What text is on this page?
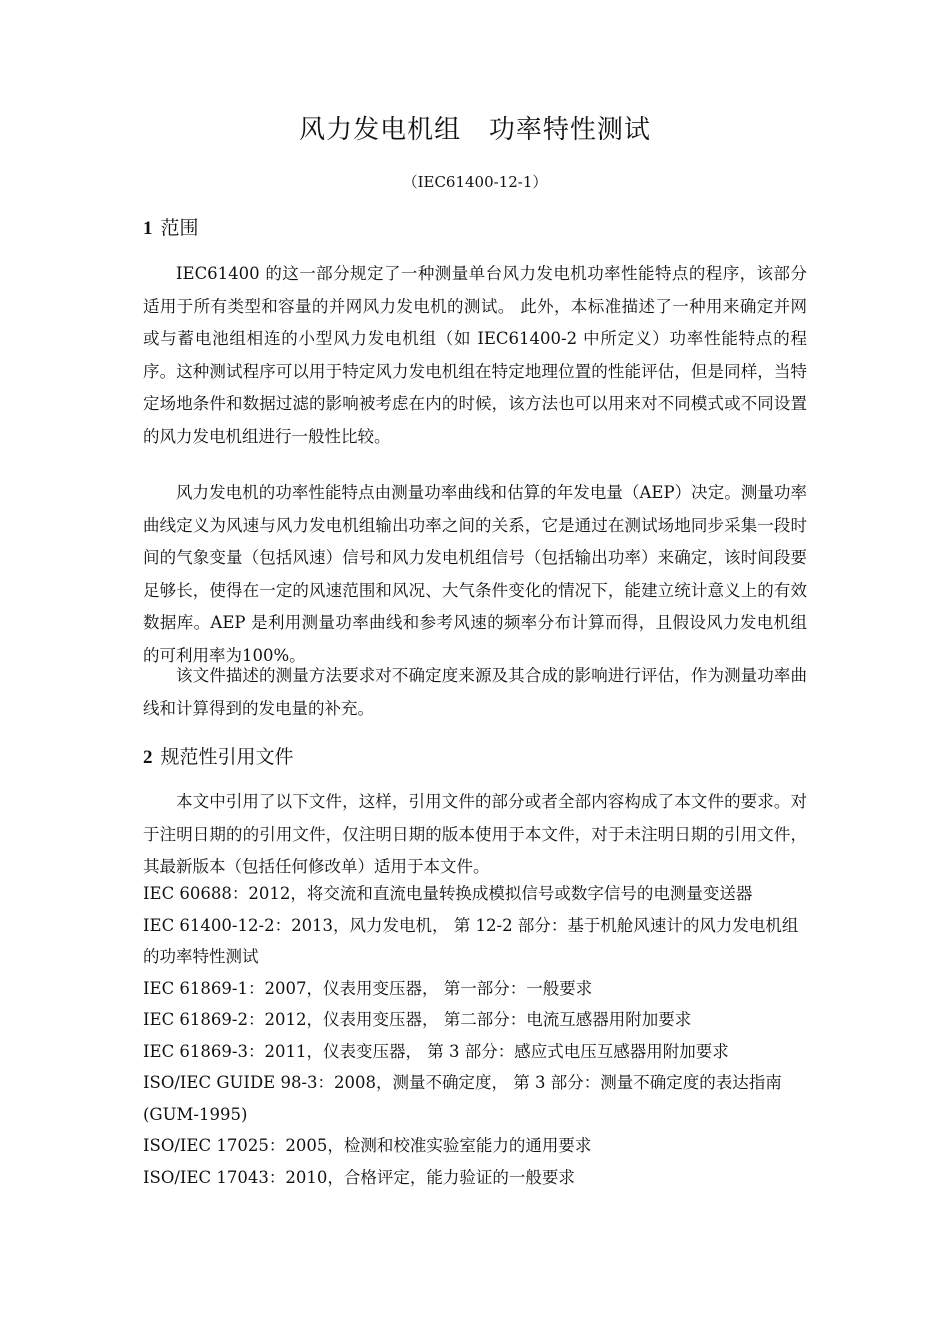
风力发电机组   功率特性测试
（IEC61400-12-1）
1 范围

IEC61400 的这一部分规定了一种测量单台风力发电机功率性能特点的程序，该部分适用于所有类型和容量的并网风力发电机的测试。 此外，本标准描述了一种用来确定并网或与蓄电池组相连的小型风力发电机组（如 IEC61400-2 中所定义）功率性能特点的程序。这种测试程序可以用于特定风力发电机组在特定地理位置的性能评估，但是同样，当特定场地条件和数据过滤的影响被考虑在内的时候，该方法也可以用来对不同模式或不同设置的风力发电机组进行一般性比较。

风力发电机的功率性能特点由测量功率曲线和估算的年发电量（AEP）决定。测量功率曲线定义为风速与风力发电机组输出功率之间的关系，它是通过在测试场地同步采集一段时间的气象变量（包括风速）信号和风力发电机组信号（包括输出功率）来确定，该时间段要足够长，使得在一定的风速范围和风况、大气条件变化的情况下，能建立统计意义上的有效数据库。AEP 是利用测量功率曲线和参考风速的频率分布计算而得，且假设风力发电机组的可利用率为100%。

该文件描述的测量方法要求对不确定度来源及其合成的影响进行评估，作为测量功率曲线和计算得到的发电量的补充。

2 规范性引用文件

本文中引用了以下文件，这样，引用文件的部分或者全部内容构成了本文件的要求。对于注明日期的的引用文件，仅注明日期的版本使用于本文件，对于未注明日期的引用文件，其最新版本（包括任何修改单）适用于本文件。

IEC 60688：2012，将交流和直流电量转换成模拟信号或数字信号的电测量变送器
IEC 61400-12-2：2013，风力发电机， 第 12-2 部分：基于机舱风速计的风力发电机组的功率特性测试
IEC 61869-1：2007，仪表用变压器， 第一部分：一般要求
IEC 61869-2：2012，仪表用变压器， 第二部分：电流互感器用附加要求
IEC 61869-3：2011，仪表变压器， 第 3 部分：感应式电压互感器用附加要求
ISO/IEC GUIDE 98-3：2008，测量不确定度， 第 3 部分：测量不确定度的表达指南(GUM-1995)
ISO/IEC 17025：2005，检测和校准实验室能力的通用要求
ISO/IEC 17043：2010，合格评定，能力验证的一般要求
